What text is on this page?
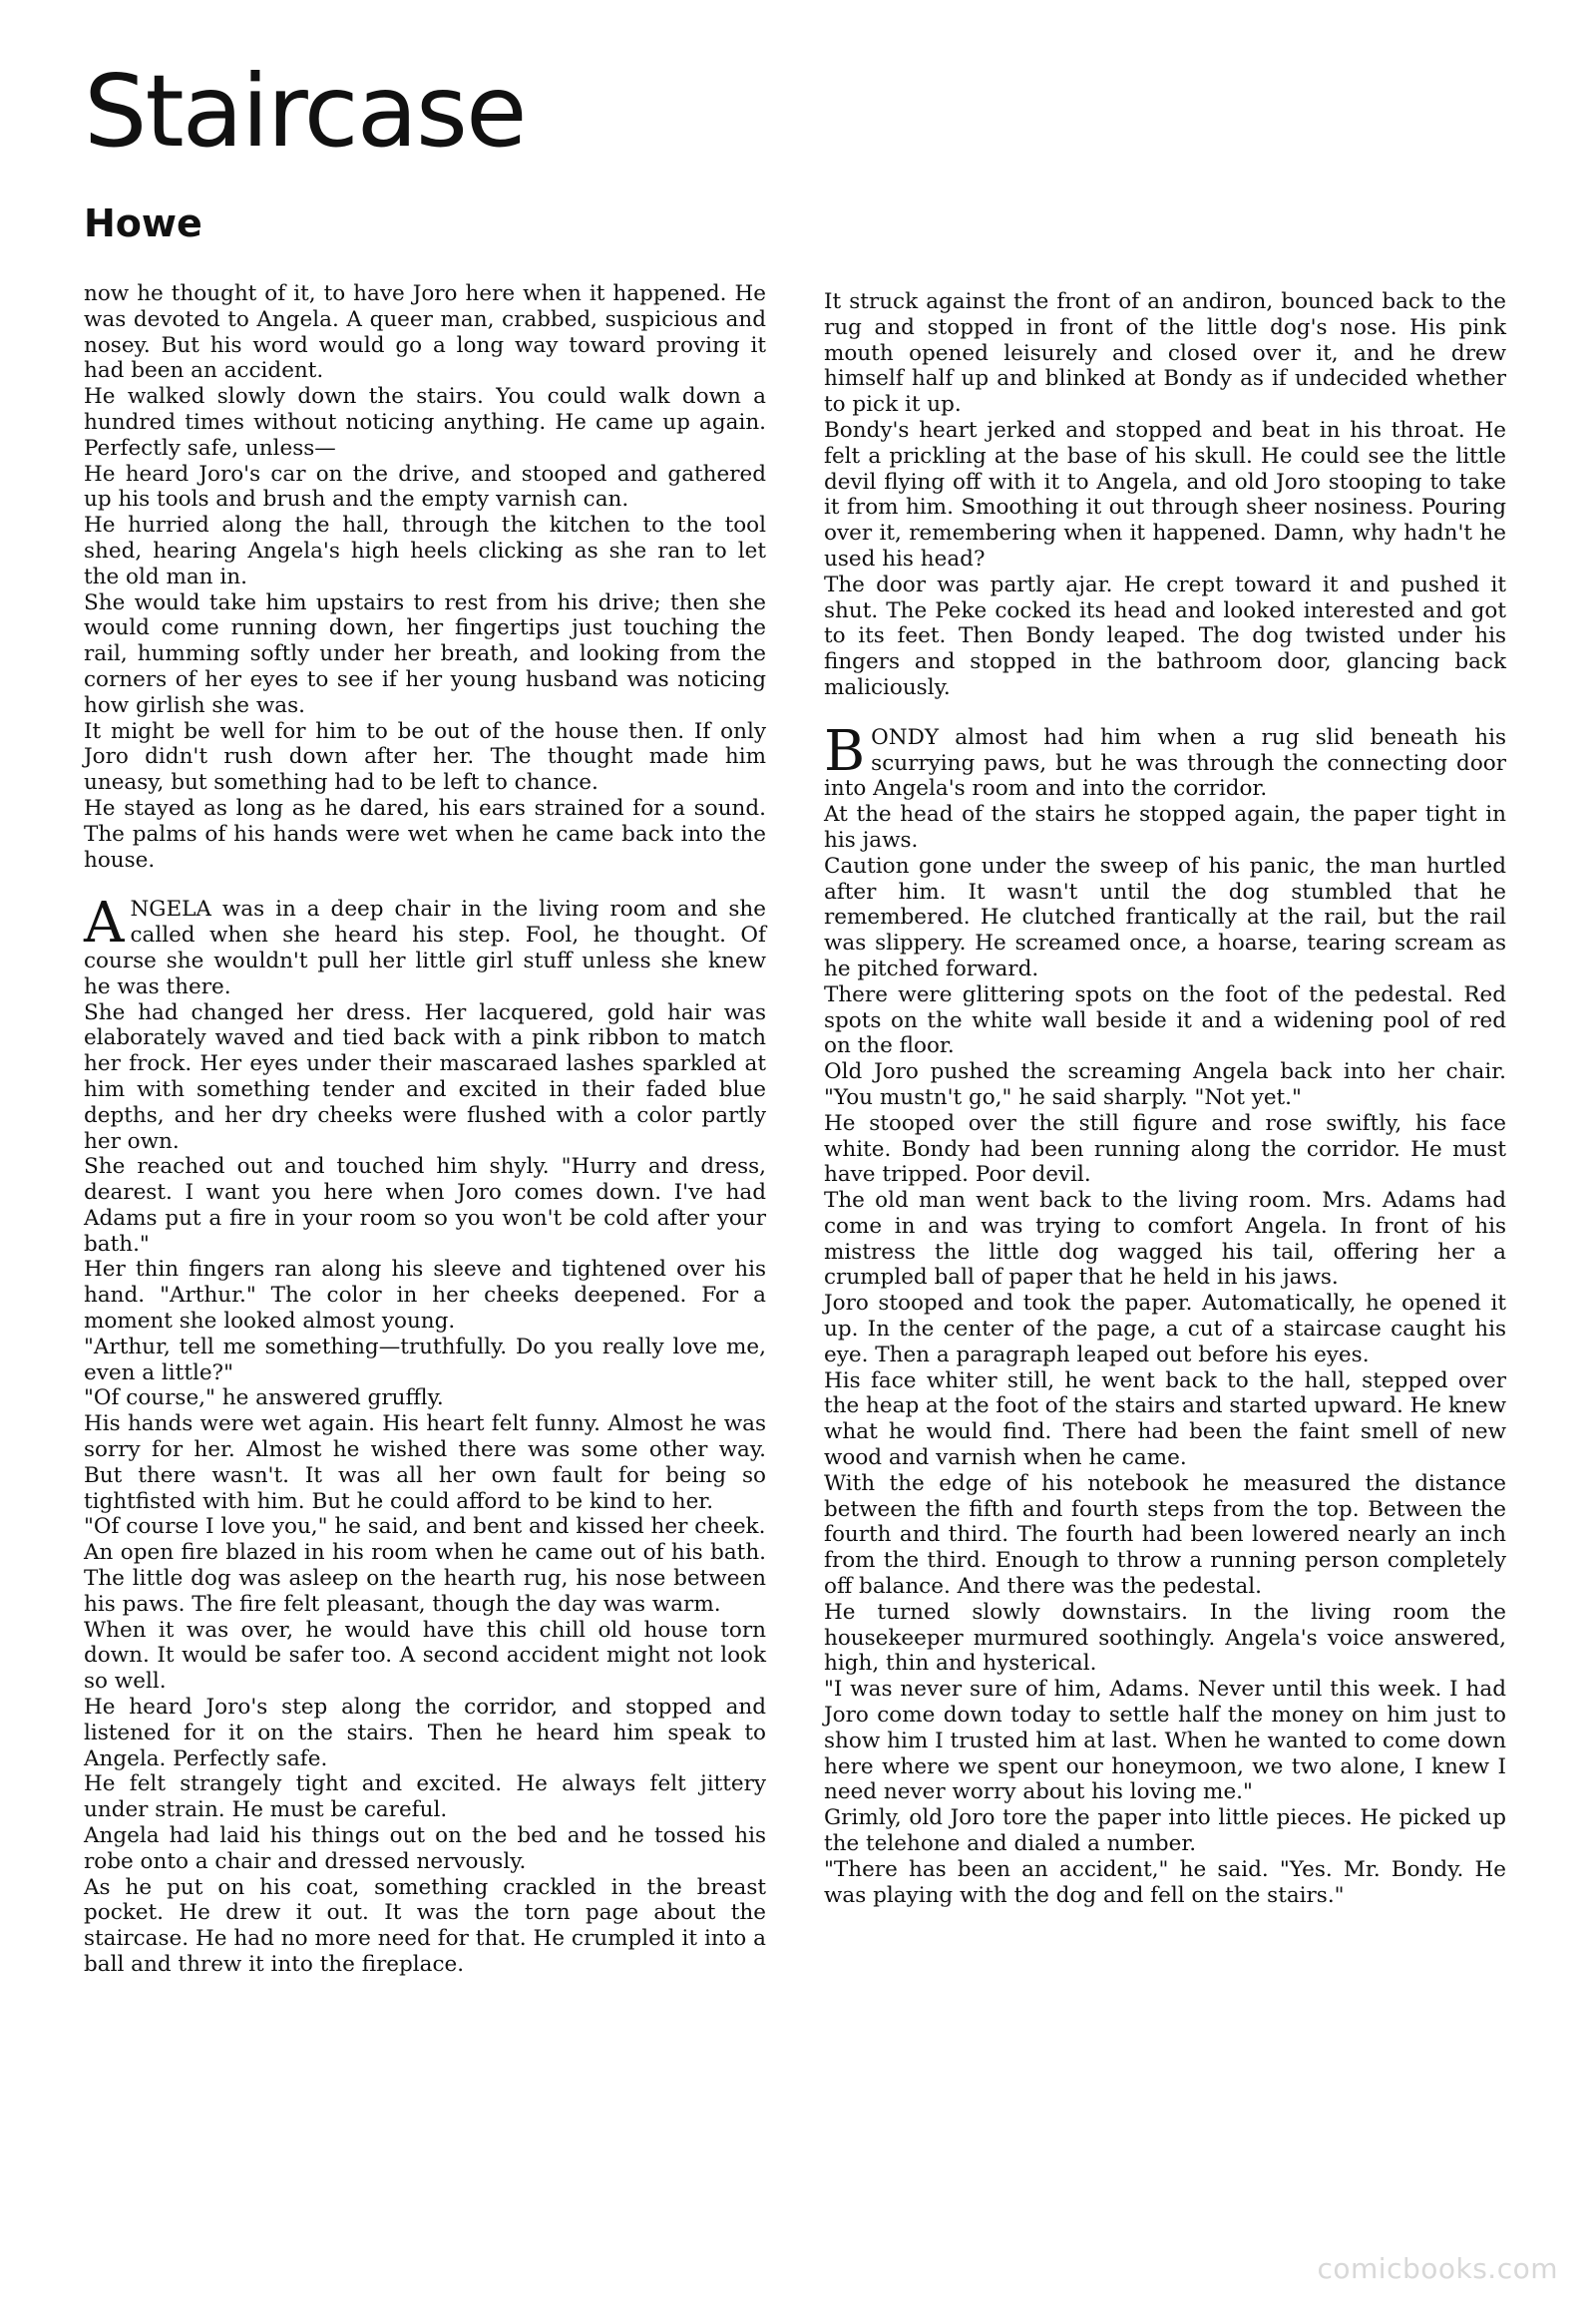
Staircase
Howe

now he thought of it, to have Joro here when it happened. He was devoted to Angela. A queer man, crabbed, suspicious and nosey. But his word would go a long way toward proving it had been an accident.

He walked slowly down the stairs. You could walk down a hundred times without noticing anything. He came up again. Perfectly safe, unless—

He heard Joro's car on the drive, and stooped and gathered up his tools and brush and the empty varnish can.

He hurried along the hall, through the kitchen to the tool shed, hearing Angela's high heels clicking as she ran to let the old man in.

She would take him upstairs to rest from his drive; then she would come running down, her fingertips just touching the rail, humming softly under her breath, and looking from the corners of her eyes to see if her young husband was noticing how girlish she was.

It might be well for him to be out of the house then. If only Joro didn't rush down after her. The thought made him uneasy, but something had to be left to chance.

He stayed as long as he dared, his ears strained for a sound. The palms of his hands were wet when he came back into the house.

ANGELA was in a deep chair in the living room and she called when she heard his step. Fool, he thought. Of course she wouldn't pull her little girl stuff unless she knew he was there.

She had changed her dress. Her lacquered, gold hair was elaborately waved and tied back with a pink ribbon to match her frock. Her eyes under their mascaraed lashes sparkled at him with something tender and excited in their faded blue depths, and her dry cheeks were flushed with a color partly her own.

She reached out and touched him shyly. "Hurry and dress, dearest. I want you here when Joro comes down. I've had Adams put a fire in your room so you won't be cold after your bath."

Her thin fingers ran along his sleeve and tightened over his hand. "Arthur." The color in her cheeks deepened. For a moment she looked almost young.

"Arthur, tell me something—truthfully. Do you really love me, even a little?"

"Of course," he answered gruffly.

His hands were wet again. His heart felt funny. Almost he was sorry for her. Almost he wished there was some other way. But there wasn't. It was all her own fault for being so tightfisted with him. But he could afford to be kind to her.

"Of course I love you," he said, and bent and kissed her cheek.

An open fire blazed in his room when he came out of his bath. The little dog was asleep on the hearth rug, his nose between his paws. The fire felt pleasant, though the day was warm.

When it was over, he would have this chill old house torn down. It would be safer too. A second accident might not look so well.

He heard Joro's step along the corridor, and stopped and listened for it on the stairs. Then he heard him speak to Angela. Perfectly safe.

He felt strangely tight and excited. He always felt jittery under strain. He must be careful.

Angela had laid his things out on the bed and he tossed his robe onto a chair and dressed nervously.

As he put on his coat, something crackled in the breast pocket. He drew it out. It was the torn page about the staircase. He had no more need for that. He crumpled it into a ball and threw it into the fireplace.

It struck against the front of an andiron, bounced back to the rug and stopped in front of the little dog's nose. His pink mouth opened leisurely and closed over it, and he drew himself half up and blinked at Bondy as if undecided whether to pick it up.

Bondy's heart jerked and stopped and beat in his throat. He felt a prickling at the base of his skull. He could see the little devil flying off with it to Angela, and old Joro stooping to take it from him. Smoothing it out through sheer nosiness. Pouring over it, remembering when it happened. Damn, why hadn't he used his head?

The door was partly ajar. He crept toward it and pushed it shut. The Peke cocked its head and looked interested and got to its feet. Then Bondy leaped. The dog twisted under his fingers and stopped in the bathroom door, glancing back maliciously.

BONDY almost had him when a rug slid beneath his scurrying paws, but he was through the connecting door into Angela's room and into the corridor.

At the head of the stairs he stopped again, the paper tight in his jaws.

Caution gone under the sweep of his panic, the man hurtled after him. It wasn't until the dog stumbled that he remembered. He clutched frantically at the rail, but the rail was slippery. He screamed once, a hoarse, tearing scream as he pitched forward.

There were glittering spots on the foot of the pedestal. Red spots on the white wall beside it and a widening pool of red on the floor.

Old Joro pushed the screaming Angela back into her chair. "You mustn't go," he said sharply. "Not yet."

He stooped over the still figure and rose swiftly, his face white. Bondy had been running along the corridor. He must have tripped. Poor devil.

The old man went back to the living room. Mrs. Adams had come in and was trying to comfort Angela. In front of his mistress the little dog wagged his tail, offering her a crumpled ball of paper that he held in his jaws.

Joro stooped and took the paper. Automatically, he opened it up. In the center of the page, a cut of a staircase caught his eye. Then a paragraph leaped out before his eyes.

His face whiter still, he went back to the hall, stepped over the heap at the foot of the stairs and started upward. He knew what he would find. There had been the faint smell of new wood and varnish when he came.

With the edge of his notebook he measured the distance between the fifth and fourth steps from the top. Between the fourth and third. The fourth had been lowered nearly an inch from the third. Enough to throw a running person completely off balance. And there was the pedestal.

He turned slowly downstairs. In the living room the housekeeper murmured soothingly. Angela's voice answered, high, thin and hysterical.

"I was never sure of him, Adams. Never until this week. I had Joro come down today to settle half the money on him just to show him I trusted him at last. When he wanted to come down here where we spent our honeymoon, we two alone, I knew I need never worry about his loving me."

Grimly, old Joro tore the paper into little pieces. He picked up the telehone and dialed a number.

"There has been an accident," he said. "Yes. Mr. Bondy. He was playing with the dog and fell on the stairs."

comicbooks.com
